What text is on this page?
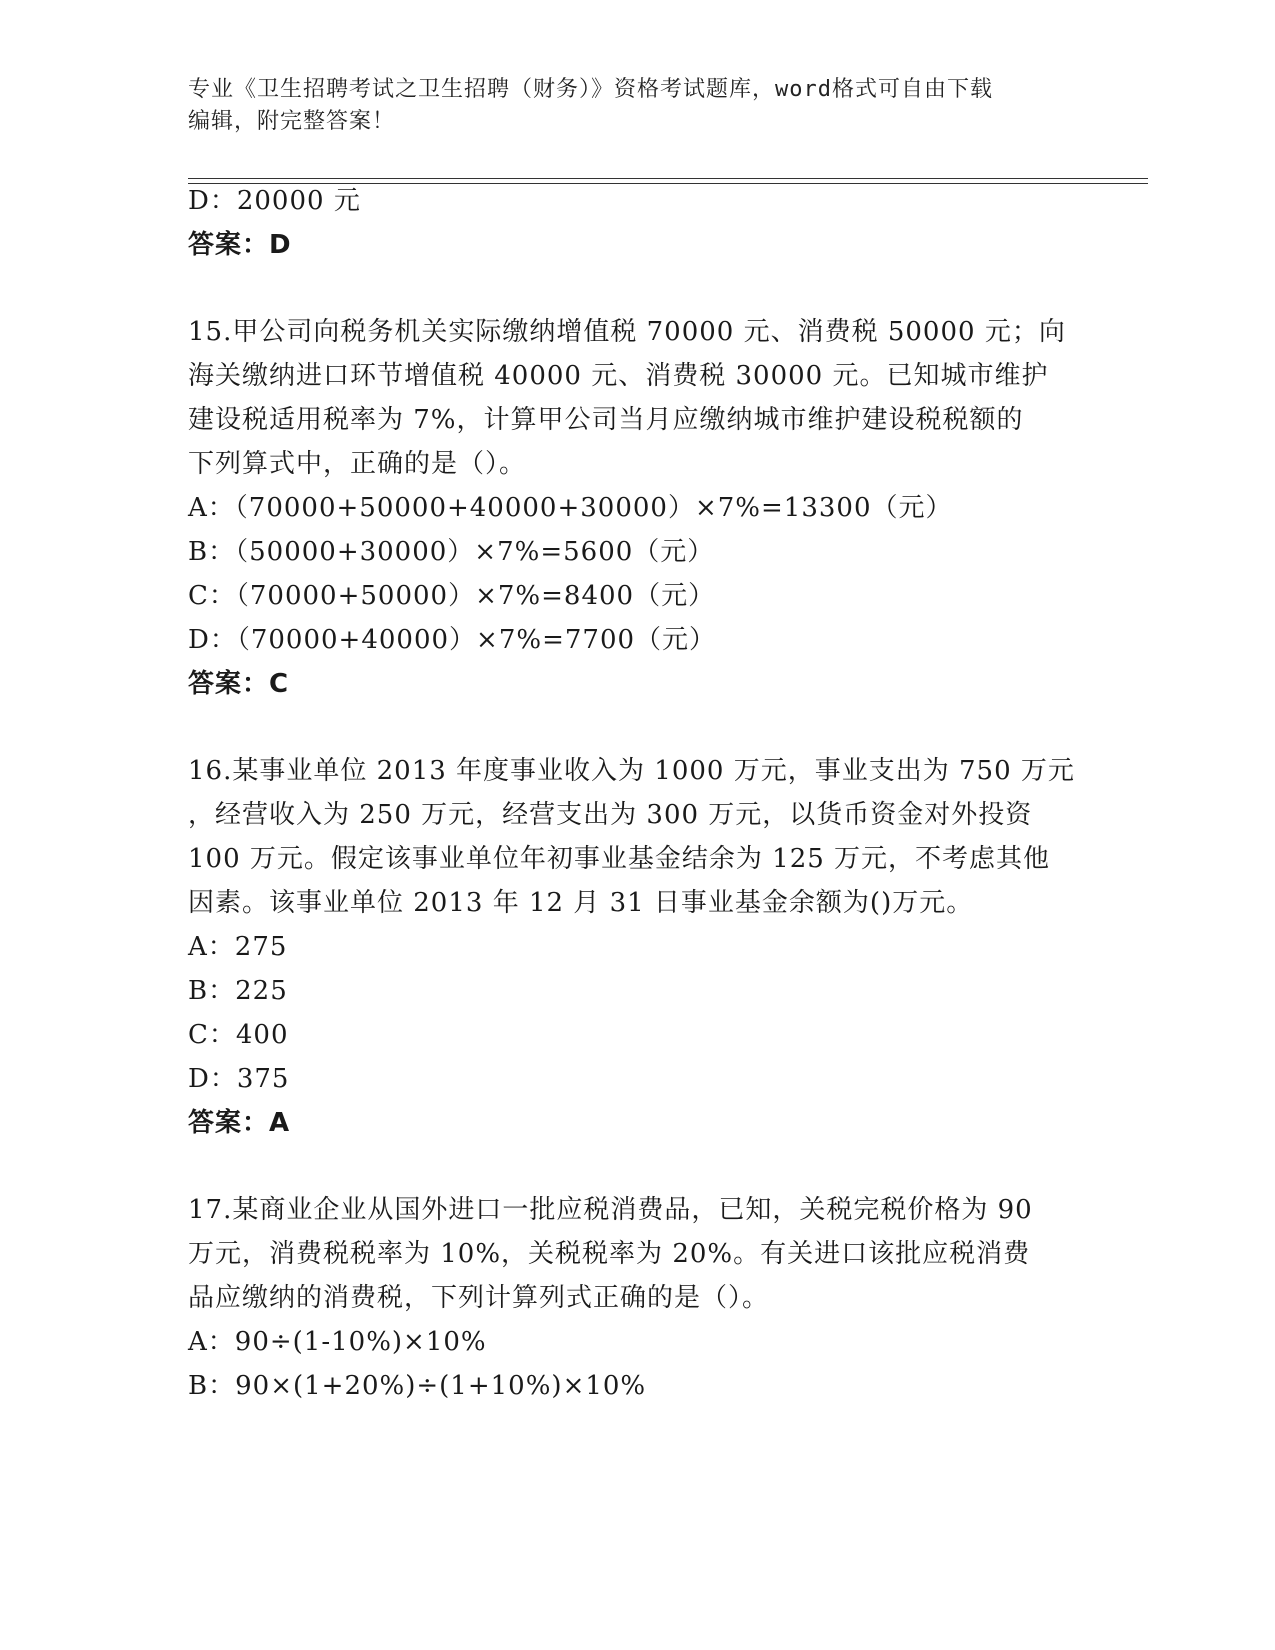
专业《卫生招聘考试之卫生招聘（财务）》资格考试题库，word格式可自由下载
编辑，附完整答案！
D：20000 元
答案：D
15.甲公司向税务机关实际缴纳增值税 70000 元、消费税 50000 元；向
海关缴纳进口环节增值税 40000 元、消费税 30000 元。已知城市维护
建设税适用税率为 7%，计算甲公司当月应缴纳城市维护建设税税额的
下列算式中，正确的是（）。
A：（70000+50000+40000+30000）×7%=13300（元）
B：（50000+30000）×7%=5600（元）
C：（70000+50000）×7%=8400（元）
D：（70000+40000）×7%=7700（元）
答案：C
16.某事业单位 2013 年度事业收入为 1000 万元，事业支出为 750 万元
，经营收入为 250 万元，经营支出为 300 万元，以货币资金对外投资
100 万元。假定该事业单位年初事业基金结余为 125 万元，不考虑其他
因素。该事业单位 2013 年 12 月 31 日事业基金余额为()万元。
A：275
B：225
C：400
D：375
答案：A
17.某商业企业从国外进口一批应税消费品，已知，关税完税价格为 90
万元，消费税税率为 10%，关税税率为 20%。有关进口该批应税消费
品应缴纳的消费税，下列计算列式正确的是（）。
A：90÷(1-10%)×10%
B：90×(1+20%)÷(1+10%)×10%
